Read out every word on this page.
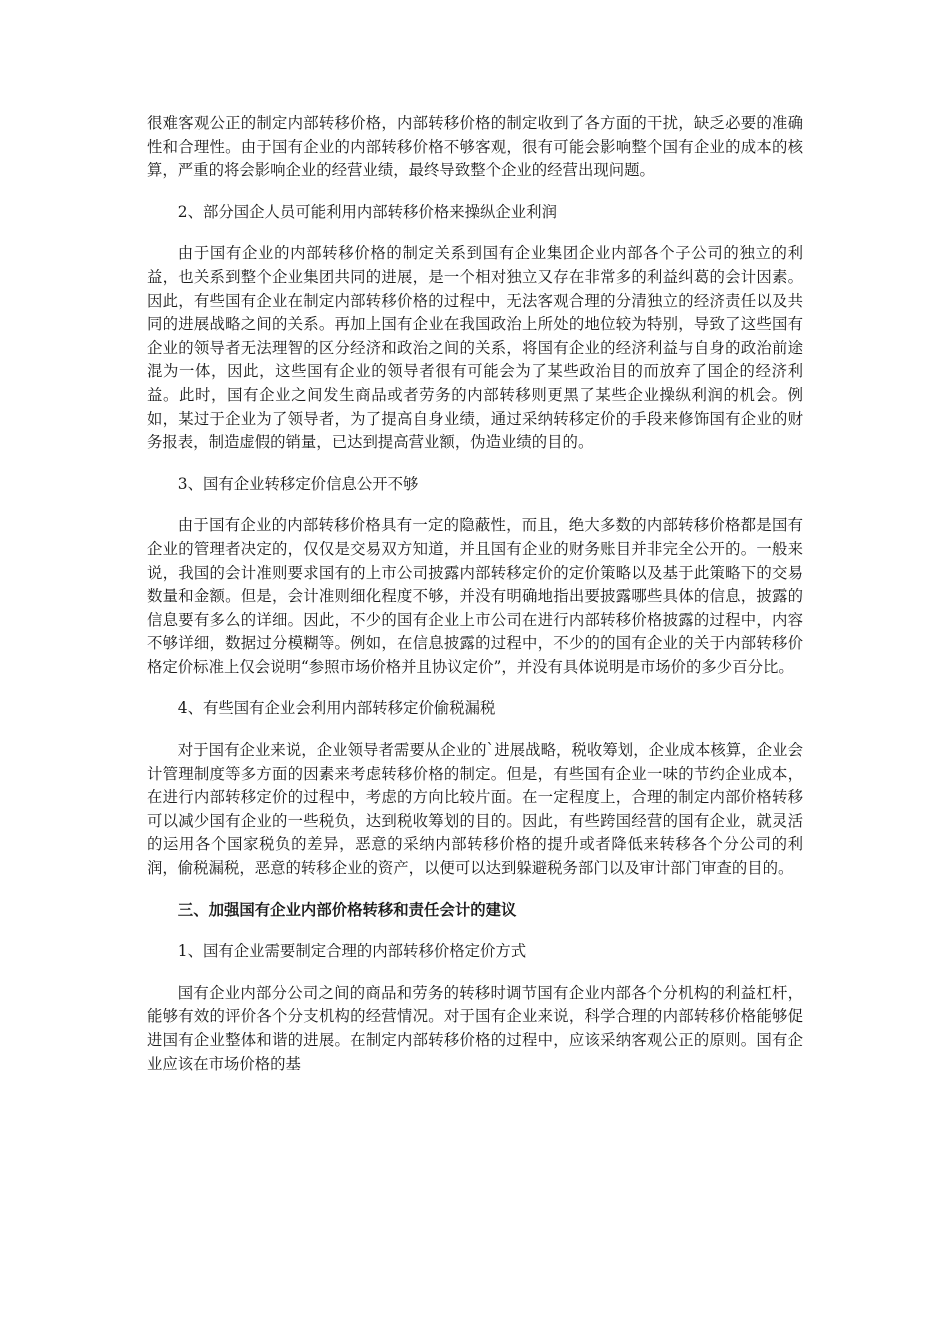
很难客观公正的制定内部转移价格，内部转移价格的制定收到了各方面的干扰，缺乏必要的准确性和合理性。由于国有企业的内部转移价格不够客观，很有可能会影响整个国有企业的成本的核算，严重的将会影响企业的经营业绩，最终导致整个企业的经营出现问题。

2、部分国企人员可能利用内部转移价格来操纵企业利润

由于国有企业的内部转移价格的制定关系到国有企业集团企业内部各个子公司的独立的利益，也关系到整个企业集团共同的进展，是一个相对独立又存在非常多的利益纠葛的会计因素。因此，有些国有企业在制定内部转移价格的过程中，无法客观合理的分清独立的经济责任以及共同的进展战略之间的关系。再加上国有企业在我国政治上所处的地位较为特别，导致了这些国有企业的领导者无法理智的区分经济和政治之间的关系，将国有企业的经济利益与自身的政治前途混为一体，因此，这些国有企业的领导者很有可能会为了某些政治目的而放弃了国企的经济利益。此时，国有企业之间发生商品或者劳务的内部转移则更黑了某些企业操纵利润的机会。例如，某过于企业为了领导者，为了提高自身业绩，通过采纳转移定价的手段来修饰国有企业的财务报表，制造虚假的销量，已达到提高营业额，伪造业绩的目的。

3、国有企业转移定价信息公开不够

由于国有企业的内部转移价格具有一定的隐蔽性，而且，绝大多数的内部转移价格都是国有企业的管理者决定的，仅仅是交易双方知道，并且国有企业的财务账目并非完全公开的。一般来说，我国的会计准则要求国有的上市公司披露内部转移定价的定价策略以及基于此策略下的交易数量和金额。但是，会计准则细化程度不够，并没有明确地指出要披露哪些具体的信息，披露的信息要有多么的详细。因此，不少的国有企业上市公司在进行内部转移价格披露的过程中，内容不够详细，数据过分模糊等。例如，在信息披露的过程中，不少的的国有企业的关于内部转移价格定价标准上仅会说明“参照市场价格并且协议定价”，并没有具体说明是市场价的多少百分比。

4、有些国有企业会利用内部转移定价偷税漏税

对于国有企业来说，企业领导者需要从企业的`进展战略，税收筹划，企业成本核算，企业会计管理制度等多方面的因素来考虑转移价格的制定。但是，有些国有企业一味的节约企业成本，在进行内部转移定价的过程中，考虑的方向比较片面。在一定程度上，合理的制定内部价格转移可以减少国有企业的一些税负，达到税收筹划的目的。因此，有些跨国经营的国有企业，就灵活的运用各个国家税负的差异，恶意的采纳内部转移价格的提升或者降低来转移各个分公司的利润，偷税漏税，恶意的转移企业的资产，以便可以达到躲避税务部门以及审计部门审查的目的。

三、加强国有企业内部价格转移和责任会计的建议

1、国有企业需要制定合理的内部转移价格定价方式

国有企业内部分公司之间的商品和劳务的转移时调节国有企业内部各个分机构的利益杠杆，能够有效的评价各个分支机构的经营情况。对于国有企业来说，科学合理的内部转移价格能够促进国有企业整体和谐的进展。在制定内部转移价格的过程中，应该采纳客观公正的原则。国有企业应该在市场价格的基
